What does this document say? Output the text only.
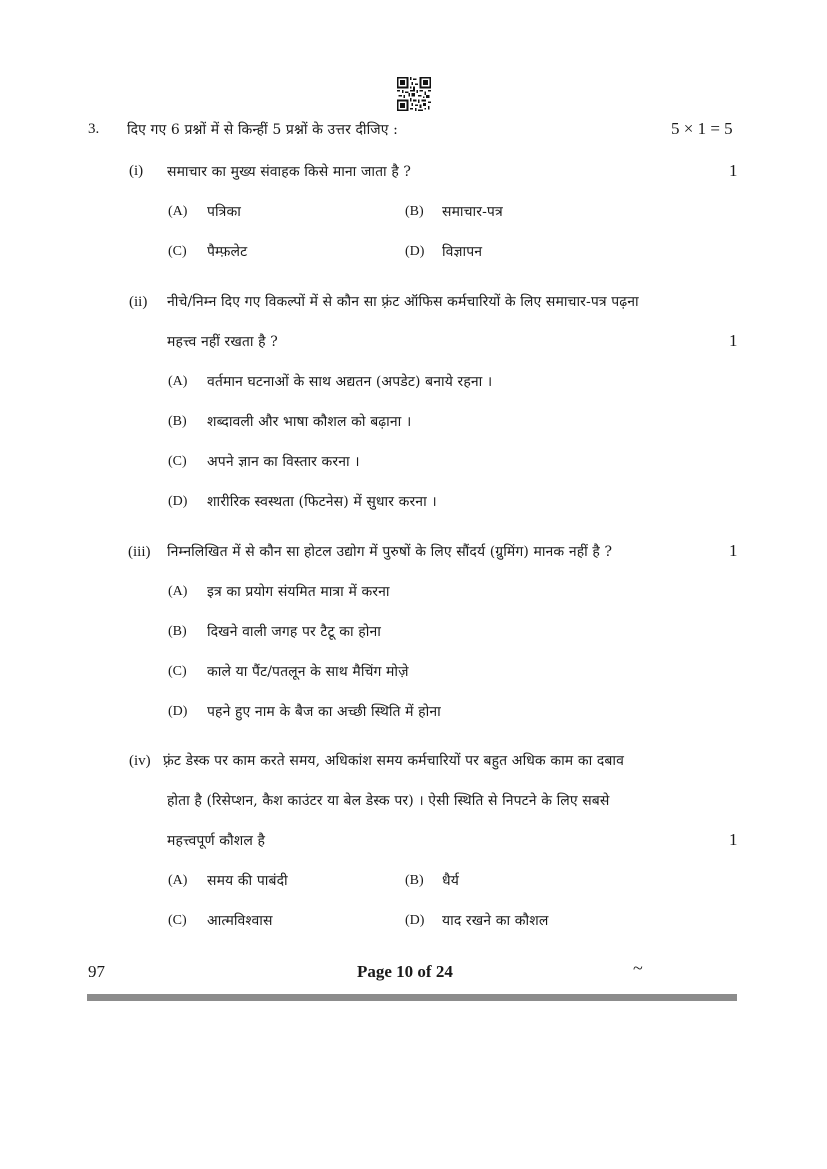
3. दिए गए 6 प्रश्नों में से किन्हीं 5 प्रश्नों के उत्तर दीजिए :	5 × 1 = 5
(i) समाचार का मुख्य संवाहक किसे माना जाता है ?	1
(A) पत्रिका	(B) समाचार-पत्र
(C) पैम्फ़लेट	(D) विज्ञापन
(ii) नीचे/निम्न दिए गए विकल्पों में से कौन सा फ़्रंट ऑफिस कर्मचारियों के लिए समाचार-पत्र पढ़ना
महत्त्व नहीं रखता है ?	1
(A) वर्तमान घटनाओं के साथ अद्यतन (अपडेट) बनाये रहना ।
(B) शब्दावली और भाषा कौशल को बढ़ाना ।
(C) अपने ज्ञान का विस्तार करना ।
(D) शारीरिक स्वस्थता (फिटनेस) में सुधार करना ।
(iii) निम्नलिखित में से कौन सा होटल उद्योग में पुरुषों के लिए सौंदर्य (ग्रुमिंग) मानक नहीं है ?	1
(A) इत्र का प्रयोग संयमित मात्रा में करना
(B) दिखने वाली जगह पर टैटू का होना
(C) काले या पैंट/पतलून के साथ मैचिंग मोज़े
(D) पहने हुए नाम के बैज का अच्छी स्थिति में होना
(iv) फ़्रंट डेस्क पर काम करते समय, अधिकांश समय कर्मचारियों पर बहुत अधिक काम का दबाव
होता है (रिसेप्शन, कैश काउंटर या बेल डेस्क पर) । ऐसी स्थिति से निपटने के लिए सबसे
महत्त्वपूर्ण कौशल है	1
(A) समय की पाबंदी	(B) धैर्य
(C) आत्मविश्वास	(D) याद रखने का कौशल
97	Page 10 of 24	~
